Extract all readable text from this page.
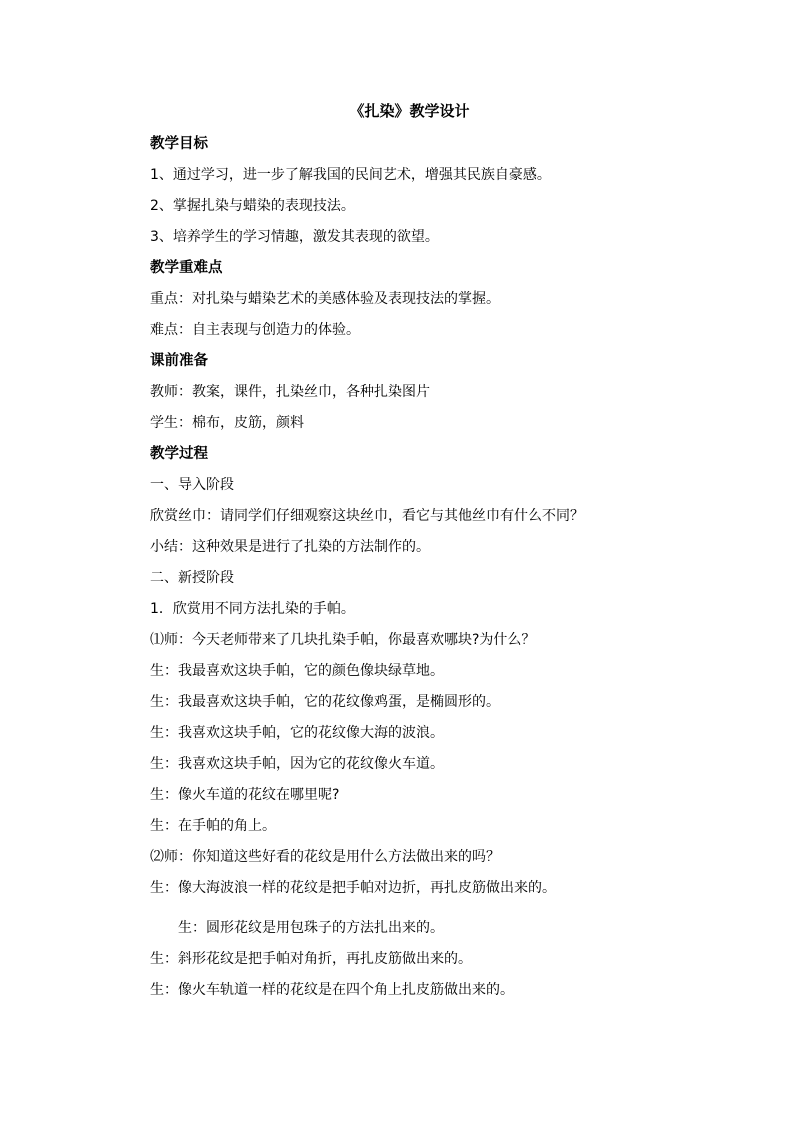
《扎染》教学设计
教学目标
1、通过学习，进一步了解我国的民间艺术，增强其民族自豪感。
2、掌握扎染与蜡染的表现技法。
3、培养学生的学习情趣，激发其表现的欲望。
教学重难点
重点：对扎染与蜡染艺术的美感体验及表现技法的掌握。
难点：自主表现与创造力的体验。
课前准备
教师：教案，课件，扎染丝巾，各种扎染图片
学生：棉布，皮筋，颜料
教学过程
一、导入阶段
欣赏丝巾：请同学们仔细观察这块丝巾，看它与其他丝巾有什么不同？
小结：这种效果是进行了扎染的方法制作的。
二、新授阶段
1．欣赏用不同方法扎染的手帕。
⑴师：今天老师带来了几块扎染手帕，你最喜欢哪块?为什么？
生：我最喜欢这块手帕，它的颜色像块绿草地。
生：我最喜欢这块手帕，它的花纹像鸡蛋，是椭圆形的。
生：我喜欢这块手帕，它的花纹像大海的波浪。
生：我喜欢这块手帕，因为它的花纹像火车道。
生：像火车道的花纹在哪里呢?
生：在手帕的角上。
⑵师：你知道这些好看的花纹是用什么方法做出来的吗？
生：像大海波浪一样的花纹是把手帕对边折，再扎皮筋做出来的。
生：圆形花纹是用包珠子的方法扎出来的。
生：斜形花纹是把手帕对角折，再扎皮筋做出来的。
生：像火车轨道一样的花纹是在四个角上扎皮筋做出来的。
